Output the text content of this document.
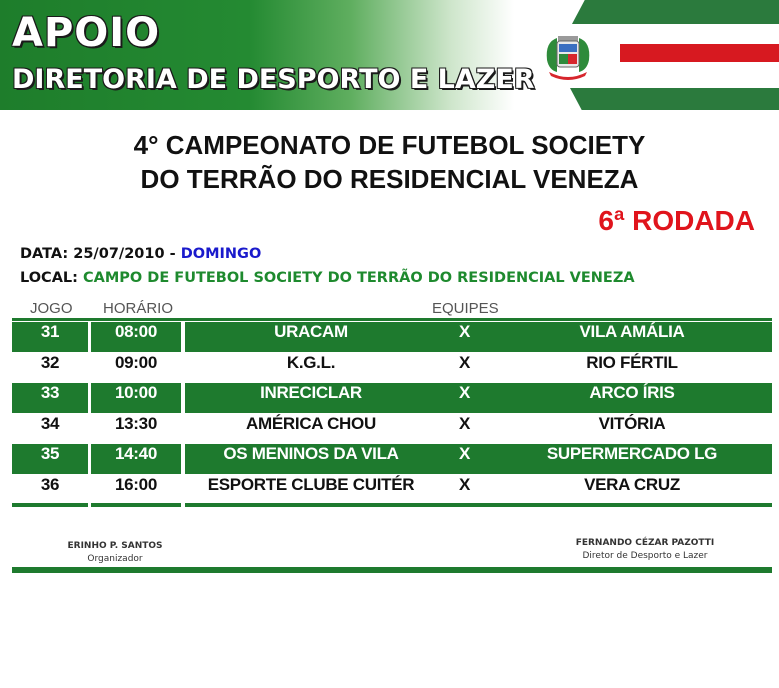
APOIO
DIRETORIA DE DESPORTO E LAZER
4° CAMPEONATO DE FUTEBOL SOCIETY
DO TERRÃO DO RESIDENCIAL VENEZA
6ª RODADA
DATA: 25/07/2010 - DOMINGO
LOCAL: CAMPO DE FUTEBOL SOCIETY DO TERRÃO DO RESIDENCIAL VENEZA
JOGO HORÁRIO	EQUIPES
31	08:00	URACAM	X	VILA AMÁLIA
32	09:00	K.G.L.	X	RIO FÉRTIL
33	10:00	INRECICLAR	X	ARCO ÍRIS
34	13:30	AMÉRICA CHOU	X	VITÓRIA
35	14:40	OS MENINOS DA VILA	X	SUPERMERCADO LG
36	16:00	ESPORTE CLUBE CUITÉR	X	VERA CRUZ
ERINHO P. SANTOS
Organizador
FERNANDO CÉZAR PAZOTTI
Diretor de Desporto e Lazer
